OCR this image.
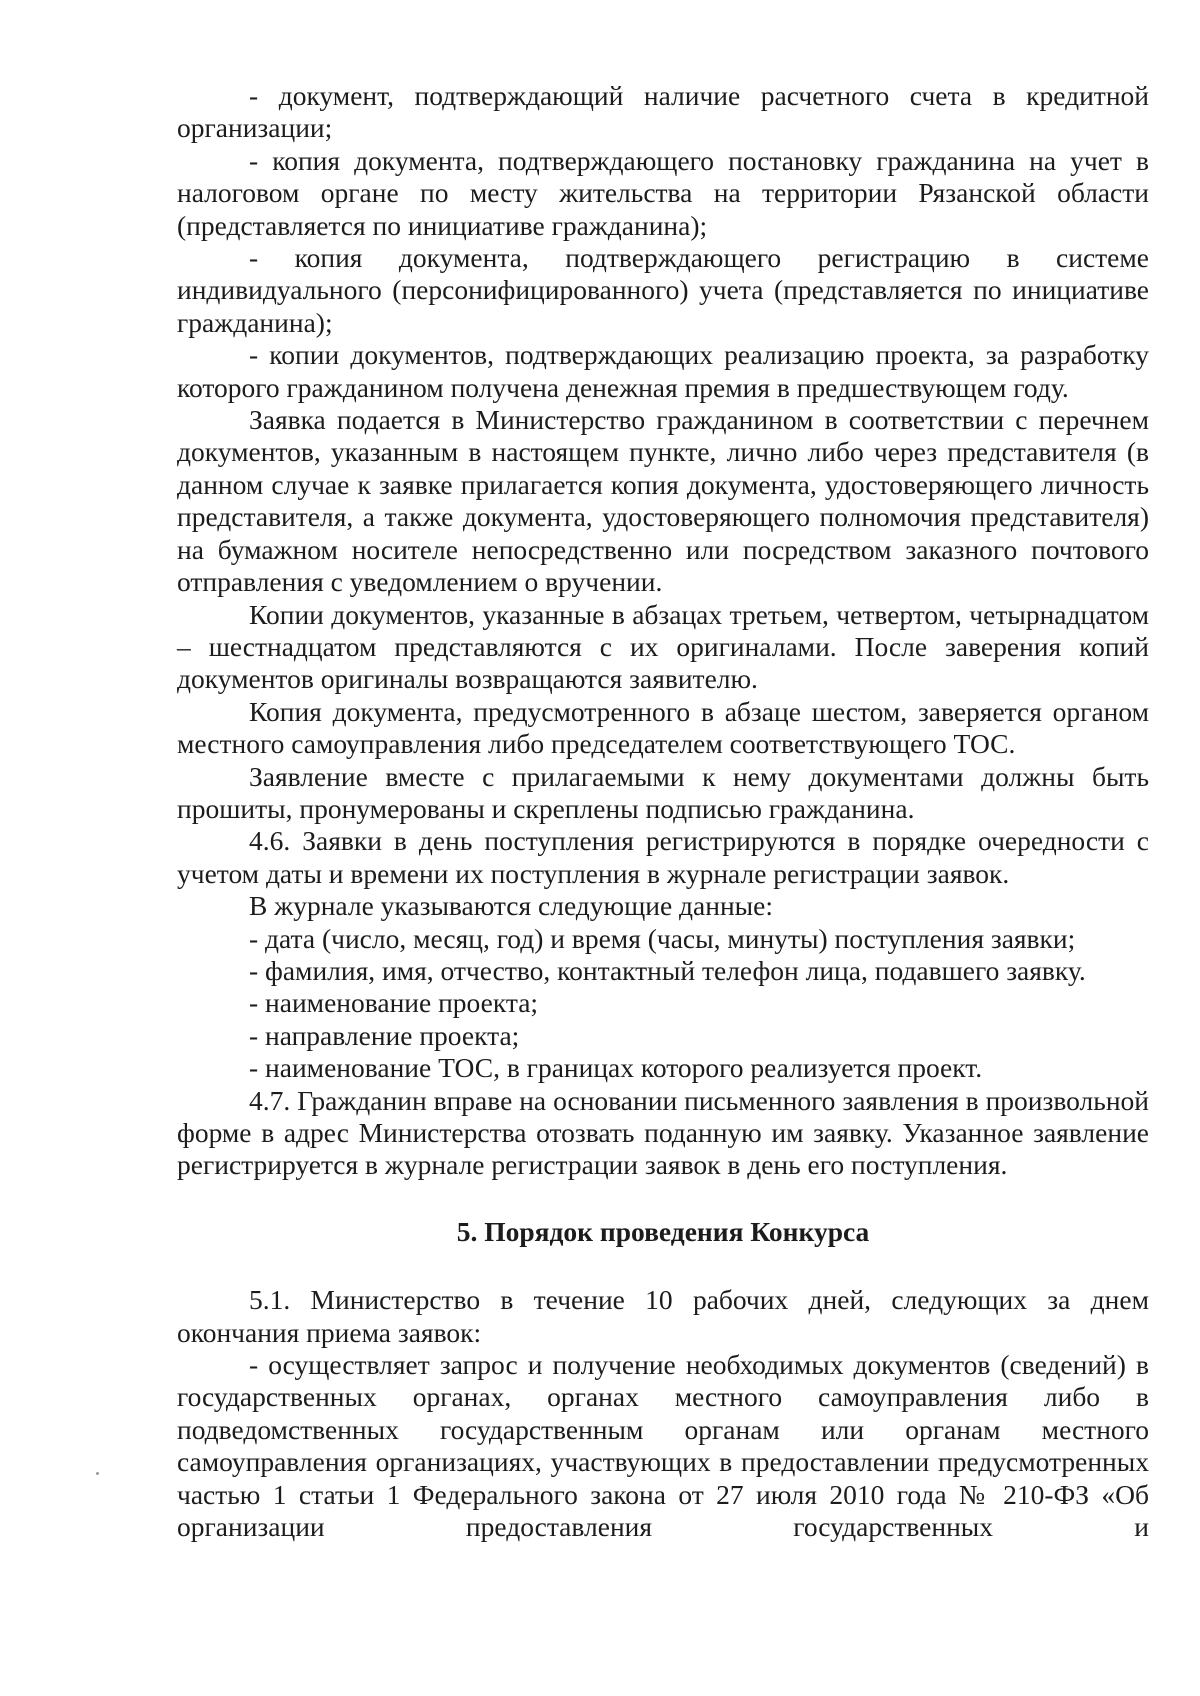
- документ, подтверждающий наличие расчетного счета в кредитной организации;

- копия документа, подтверждающего постановку гражданина на учет в налоговом органе по месту жительства на территории Рязанской области (представляется по инициативе гражданина);

- копия документа, подтверждающего регистрацию в системе индивидуального (персонифицированного) учета (представляется по инициативе гражданина);

- копии документов, подтверждающих реализацию проекта, за разработку которого гражданином получена денежная премия в предшествующем году.

Заявка подается в Министерство гражданином в соответствии с перечнем документов, указанным в настоящем пункте, лично либо через представителя (в данном случае к заявке прилагается копия документа, удостоверяющего личность представителя, а также документа, удостоверяющего полномочия представителя) на бумажном носителе непосредственно или посредством заказного почтового отправления с уведомлением о вручении.

Копии документов, указанные в абзацах третьем, четвертом, четырнадцатом – шестнадцатом представляются с их оригиналами. После заверения копий документов оригиналы возвращаются заявителю.

Копия документа, предусмотренного в абзаце шестом, заверяется органом местного самоуправления либо председателем соответствующего ТОС.

Заявление вместе с прилагаемыми к нему документами должны быть прошиты, пронумерованы и скреплены подписью гражданина.

4.6. Заявки в день поступления регистрируются в порядке очередности с учетом даты и времени их поступления в журнале регистрации заявок.

В журнале указываются следующие данные:

- дата (число, месяц, год) и время (часы, минуты) поступления заявки;

- фамилия, имя, отчество, контактный телефон лица, подавшего заявку.

- наименование проекта;

- направление проекта;

- наименование ТОС, в границах которого реализуется проект.

4.7. Гражданин вправе на основании письменного заявления в произвольной форме в адрес Министерства отозвать поданную им заявку. Указанное заявление регистрируется в журнале регистрации заявок в день его поступления.

5. Порядок проведения Конкурса

5.1. Министерство в течение 10 рабочих дней, следующих за днем окончания приема заявок:

- осуществляет запрос и получение необходимых документов (сведений) в государственных органах, органах местного самоуправления либо в подведомственных государственным органам или органам местного самоуправления организациях, участвующих в предоставлении предусмотренных частью 1 статьи 1 Федерального закона от 27 июля 2010 года № 210-ФЗ «Об организации предоставления государственных и
